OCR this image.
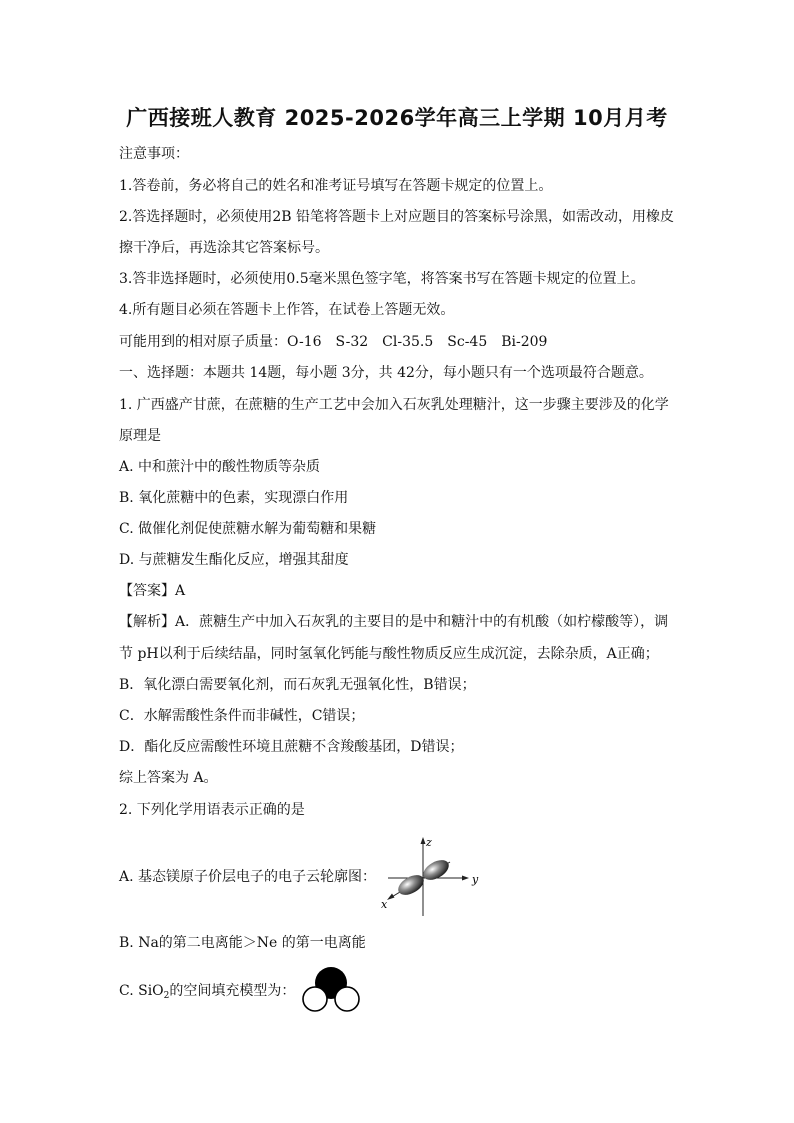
广西接班人教育 2025-2026学年高三上学期 10月月考
注意事项：
1.答卷前，务必将自己的姓名和准考证号填写在答题卡规定的位置上。
2.答选择题时，必须使用2B 铅笔将答题卡上对应题目的答案标号涂黑，如需改动，用橡皮
擦干净后，再选涂其它答案标号。
3.答非选择题时，必须使用0.5毫米黑色签字笔，将答案书写在答题卡规定的位置上。
4.所有题目必须在答题卡上作答，在试卷上答题无效。
可能用到的相对原子质量：O-16　S-32　Cl-35.5　Sc-45　Bi-209
一、选择题：本题共 14题，每小题 3分，共 42分，每小题只有一个选项最符合题意。
1. 广西盛产甘蔗，在蔗糖的生产工艺中会加入石灰乳处理糖汁，这一步骤主要涉及的化学
原理是
A. 中和蔗汁中的酸性物质等杂质
B. 氧化蔗糖中的色素，实现漂白作用
C. 做催化剂促使蔗糖水解为葡萄糖和果糖
D. 与蔗糖发生酯化反应，增强其甜度
【答案】A
【解析】A．蔗糖生产中加入石灰乳的主要目的是中和糖汁中的有机酸（如柠檬酸等），调
节 pH以利于后续结晶，同时氢氧化钙能与酸性物质反应生成沉淀，去除杂质，A正确；
B．氧化漂白需要氧化剂，而石灰乳无强氧化性，B错误；
C．水解需酸性条件而非碱性，C错误；
D．酯化反应需酸性环境且蔗糖不含羧酸基团，D错误；
综上答案为 A。
2. 下列化学用语表示正确的是
A. 基态镁原子价层电子的电子云轮廓图：
z
y
x
B. Na的第二电离能＞Ne 的第一电离能
C. SiO$_2$的空间填充模型为：
